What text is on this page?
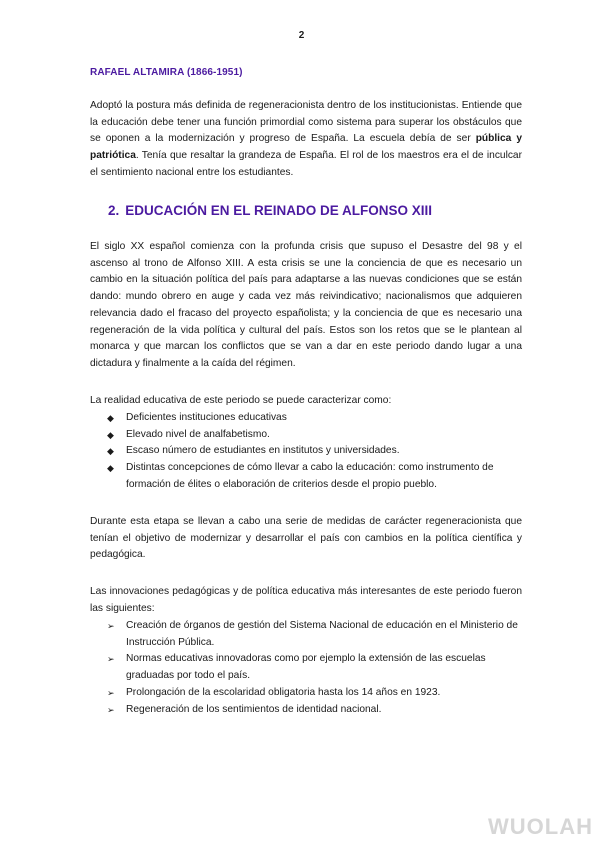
2
RAFAEL ALTAMIRA (1866-1951)

Adoptó la postura más definida de regeneracionista dentro de los institucionistas. Entiende que la educación debe tener una función primordial como sistema para superar los obstáculos que se oponen a la modernización y progreso de España. La escuela debía de ser pública y patriótica. Tenía que resaltar la grandeza de España. El rol de los maestros era el de inculcar el sentimiento nacional entre los estudiantes.

2. EDUCACIÓN EN EL REINADO DE ALFONSO XIII

El siglo XX español comienza con la profunda crisis que supuso el Desastre del 98 y el ascenso al trono de Alfonso XIII. A esta crisis se une la conciencia de que es necesario un cambio en la situación política del país para adaptarse a las nuevas condiciones que se están dando: mundo obrero en auge y cada vez más reivindicativo; nacionalismos que adquieren relevancia dado el fracaso del proyecto españolista; y la conciencia de que es necesario una regeneración de la vida política y cultural del país. Estos son los retos que se le plantean al monarca y que marcan los conflictos que se van a dar en este periodo dando lugar a una dictadura y finalmente a la caída del régimen.

La realidad educativa de este periodo se puede caracterizar como:

◆ Deficientes instituciones educativas
◆ Elevado nivel de analfabetismo.
◆ Escaso número de estudiantes en institutos y universidades.
◆ Distintas concepciones de cómo llevar a cabo la educación: como instrumento de formación de élites o elaboración de criterios desde el propio pueblo.

Durante esta etapa se llevan a cabo una serie de medidas de carácter regeneracionista que tenían el objetivo de modernizar y desarrollar el país con cambios en la política científica y pedagógica.

Las innovaciones pedagógicas y de política educativa más interesantes de este periodo fueron las siguientes:

➢ Creación de órganos de gestión del Sistema Nacional de educación en el Ministerio de Instrucción Pública.
➢ Normas educativas innovadoras como por ejemplo la extensión de las escuelas graduadas por todo el país.
➢ Prolongación de la escolaridad obligatoria hasta los 14 años en 1923.
➢ Regeneración de los sentimientos de identidad nacional.
WUOLAH
